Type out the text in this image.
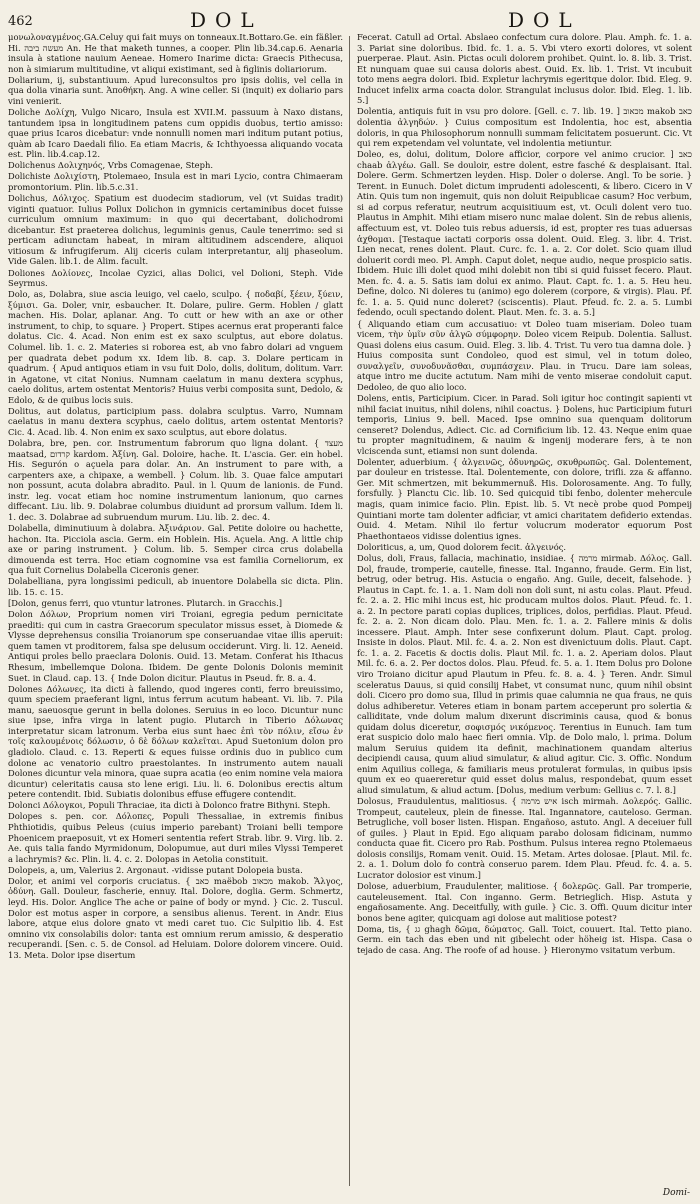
462	DOL	DOL

μονωλοναγμένος.GA.Celuy qui fait muys on tonneaux.It.Bottaro.Ge. ein fäßler. Hi. מעשה ביבה An. He that maketh tunnes, a cooper. Plin lib.34.cap.6. Aenaria insula à statione nauium Aeneae. Homero Inarime dicta: Graecis Pithecusa, non à simiarum multitudine, vt aliqui existimant, sed à figlinis doliariorum.

Doliarium, ij, substantiuum. Apud lureconsultos pro ipsis doliis, vel cella in qua dolia vinaria sunt. Ἀποθήκη. Ang. A wine celler. Si (inquit) ex doliario pars vini venierit.

Doliche Δολίχη, Vulgo Nicaro, Insula est XVII.M. passuum à Naxo distans, tantundem ipsa in longitudinem patens cum oppidis duobus, tertio amisso: quae prius Icaros dicebatur: vnde nonnulli nomen mari inditum putant potius, quàm ab Icaro Daedali filio. Ea etiam Macris, & Ichthyoessa aliquando vocata est. Plin. lib.4.cap.12.

Dolichenus Δολιχηνός, Vrbs Comagenae, Steph.

Dolichiste Δολιχίστη, Ptolemaeo, Insula est in mari Lycio, contra Chimaeram promontorium. Plin. lib.5.c.31.

Dolichus, Δόλιχος. Spatium est duodecim stadiorum, vel (vt Suidas tradit) viginti quatuor. Iulius Pollux Dolichon in gymnicis certaminibus docet fuisse curriculum omnium maximum: in quo qui decertabant, dolichodromi dicebantur. Est praeterea dolichus, leguminis genus, Caule tenerrimo: sed si perticam adiunctam habeat, in miram altitudinem adscendere, aliquoi vitiosum & infrugiferum. Alij ciceris culam interpretantur, alij phaseolum. Vide Galen. lib.1. de Alim. facult.

Doliones Δολίονες, Incolae Cyzici, alias Dolici, vel Dolioni, Steph. Vide Seyrmus.

Dolo, as, Dolabra, siue ascia leuigo, vel caelo, sculpo. { ποδαβί, ξέειν, ξύειν, ξύμισι. Ga. Doler, vnir, esbaucher. It. Dolare, pulire. Germ. Hoblen / glatt machen. His. Dolar, aplanar. Ang. To cutt or hew with an axe or other instrument, to chip, to square. } Propert. Stipes acernus erat properanti falce dolatus. Cic. 4. Acad. Non enim est ex saxo sculptus, aut ebore dolatus. Columel. lib. 1. c. 2. Materies si roborea est, ab vno fabro dolari ad vnguem per quadrata debet podum xx. Idem lib. 8. cap. 3. Dolare perticam in quadrum. { Apud antiquos etiam in vsu fuit Dolo, dolis, dolitum, dolitum. Varr. in Agatone, vt citat Nonius. Numnam caelatum in manu dextera scyphus, caelo dolitus, artem ostentat Mentoris? Huius verbi composita sunt, Dedolo, & Edolo, & de quibus locis suis.

Dolitus, aut dolatus, participium pass. dolabra sculptus. Varro, Numnam caelatus in manu dextera scyphus, caelo dolitus, artem ostentat Mentoris? Cic. 4. Acad. lib. 4. Non enim ex saxo sculptus, aut ebore dolatus.

Dolabra, bre, pen. cor. Instrumentum fabrorum quo ligna dolant. { מעצד maatsad, קרדום kardom. Ἀξίνη. Gal. Doloire, hache. It. L'ascia. Ger. ein hobel. His. Segurón o açuela para dolar. An. An instrument to pare with, a carpenters axe, a chipaxe, a wembell. } Colum. lib. 3. Quae falce amputari non possunt, acuta dolabra abradito. Paul. in l. Quum de lanionis. de Fund. instr. leg. vocat etiam hoc nomine instrumentum lanionum, quo carnes diffecant. Liu. lib. 9. Dolabrae columbus diuidunt ad prorsum vallum. Idem li. 1. dec. 3. Dolabrae ad subruendum murum. Liu. lib. 2. dec. 4.

Dolabella, diminutiuum à dolabra. Ἀξινάριον. Gal. Petite doloire ou hachette, hachon. Ita. Picciola ascia. Germ. ein Hoblein. His. Açuela. Ang. A little chip axe or paring instrument. } Colum. lib. 5. Semper circa crus dolabella dimouenda est terra. Hoc etiam cognomine vsa est familia Corneliorum, ex qua fuit Cornelius Dolabella Ciceronis gener.

Dolabelliana, pyra longissimi pediculi, ab inuentore Dolabella sic dicta. Plin. lib. 15. c. 15.

[Dolon, genus ferri, quo vtuntur latrones. Plutarch. in Gracchis.]

Dolon Δόλων, Proprium nomen viri Troiani, egregia pedum pernicitate praediti: qui cum in castra Graecorum speculator missus esset, à Diomede & Vlysse deprehensus consilia Troianorum spe conseruandae vitae illis aperuit: quem tamen vt proditorem, falsa spe delusum occiderunt. Virg. li. 12. Aeneid. Antiqui proles bello praeclara Dolonis. Ouid. 13. Metam. Conferat his Ithacus Rhesum, imbellemque Dolona. Ibidem. De gente Dolonis Dolonis meminit Suet. in Claud. cap. 13. { Inde Dolon dicitur. Plautus in Pseud. fr. 8. a. 4.

Dolones Δόλωνες, ita dicti à fallendo, quod ingeres conti, ferro breuissimo, quum speciem praeferant ligni, intus ferrum acutum habeant. Vi. lib. 7. Pila manu, saeuosque gerunt in bella dolones. Seruius in eo loco. Dicuntur nunc siue ipse, infra virga in latent pugio. Plutarch in Tiberio Δόλωνας interpretatur sicam latronum. Verba eius sunt haec ἐπὶ τὸν πόλιν, εἴσω ἐν τοῖς καλουμένοις δόλωσιν, ὁ δὲ δόλων καλεῖται. Apud Suetonium dolon pro gladiolo. Claud. c. 13. Reperti & eques fuisse ordinis duo in publico cum dolone ac venatorio cultro praestolantes. In instrumento autem nauali Dolones dicuntur vela minora, quae supra acatia (eo enim nomine vela maiora dicuntur) celeritatis causa sto lene erigi. Liu. li. 6. Dolonibus erectis altum petere contendit. Ibid. Subiatis dolonibus effuse effugere contendit.

Dolonci Δόλογκοι, Populi Thraciae, ita dicti à Dolonco fratre Bithyni. Steph.

Dolopes s. pen. cor. Δόλοπες, Populi Thessaliae, in extremis finibus Phthiotidis, quibus Peleus (cuius imperio parebant) Troiani belli tempore Phoenicem praeposuit, vt ex Homeri sententia refert Strab. libr. 9. Virg. lib. 2. Ae. quis talia fando Myrmidonum, Dolopumue, aut duri miles Vlyssi Temperet a lachrymis? &c. Plin. li. 4. c. 2. Dolopas in Aetolia constituit.

Dolopeis, a, um, Valerius 2. Argonaut. -vidisse putant Dolopeia busta.

Dolor, et animi vel corporis cruciatus. { כאב maëbob מכאוב makob. Ἄλγος, ὀδύνη. Gall. Douleur, fascherie, ennuy. Ital. Dolore, doglia. Germ. Schmertz, leyd. His. Dolor. Anglice The ache or paine of body or mynd. } Cic. 2. Tuscul. Dolor est motus asper in corpore, a sensibus alienus. Terent. in Andr. Eius labore, atque eius dolore gnato vt medi caret tuo. Cic Sulpitio lib. 4. Est omnino vix consolabilis dolor: tanta est omnium rerum amissio, & desperatio recuperandi. [Sen. c. 5. de Consol. ad Heluiam. Dolore dolorem vincere. Ouid. 13. Meta. Dolor ipse disertum

Fecerat. Catull ad Ortal. Abslaeo confectum cura dolore. Plau. Amph. fc. 1. a. 3. Pariat sine doloribus. Ibid. fc. 1. a. 5. Vbi vtero exorti dolores, vt solent puerperae. Plaut. Asin. Pictas oculi dolorem prohibet. Quint. lo. 8. lib. 3. Trist. Et nunquam quae sui causa doloris abest. Ouid. Ex. lib. 1. Trist. Vt incubuit toto mens aegra dolori. Ibid. Expletur lachrymis egeritque dolor. Ibid. Eleg. 9. Inducet infelix arma coacta dolor. Strangulat inclusus dolor. Ibid. Eleg. 1. lib. 5.]

Dolentia, antiquis fuit in vsu pro dolore. [Gell. c. 7. lib. 19. ] מכאוב makob כאב dolentia ἀλγηδών. } Cuius compositum est Indolentia, hoc est, absentia doloris, in qua Philosophorum nonnulli summam felicitatem posuerunt. Cic. Vt qui rem expetendam vel voluntate, vel indolentia metiuntur.

Doleo, es, dolui, dolitum, Dolore afficior, corpore vel animo crucior. ] כאב chaab ἀλγέω. Gall. Se douloir, estre dolent, estre fasché & desplaisant. Ital. Dolere. Germ. Schmertzen leyden. Hisp. Doler o dolerse. Angl. To be sorie. } Terent. in Eunuch. Dolet dictum imprudenti adolescenti, & libero. Cicero in V Atin. Quis tum non ingemuit, quis non doluit Reipublicae casum? Hoc verbum, si ad corpus referatur, neutrum acquisitiuum est, vt. Oculi dolent vero tuo. Plautus in Amphit. Mihi etiam misero nunc malae dolent. Sin de rebus alienis, affectuum est, vt. Doleo tuis rebus aduersis, id est, propter res tuas aduersas ἀχθομαι. [Testaque iactati corporis ossa dolent. Ouid. Eleg. 3. libr. 4. Trist. Lien necat, renes dolent. Plaut. Curc. fc. 1. a. 2. Cor dolet. Scio quam illud doluerit cordi meo. Pl. Amph. Caput dolet, neque audio, neque prospicio satis. Ibidem. Huic illi dolet quod mihi dolebit non tibi si quid fuisset fecero. Plaut. Men. fc. 4. a. 5. Satis iam dolui ex animo. Plaut. Capt. fc. 1. a. 5. Heu heu. Define, dolco. Ni doleres tu (animo) ego dolerem (corpore, & virgis). Plau. Pf. fc. 1. a. 5. Quid nunc doleret? (sciscentis). Plaut. Pfeud. fc. 2. a. 5. Lumbi fedendo, oculi spectando dolent. Plaut. Men. fc. 3. a. 5.]

{ Aliquando etiam cum accusatiuo: vt Doleo tuam miseriam. Doleo tuam vicem, τὴν ὑμῖν σῦν ἀλγῶ σύμφορην. Doleo vicem Reipub. Dolentia. Sallust. Quasi dolens eius casum. Ouid. Eleg. 3. lib. 4. Trist. Tu vero tua damna dole. } Huius composita sunt Condoleo, quod est simul, vel in totum doleo, συναλγεῖν, συνοδυνᾶσθαι, συμπάσχειν. Plau. in Trucu. Dare iam soleas, atque intro me ducite actutum. Nam mihi de vento miserae condoluit caput. Dedoleo, de quo alio loco.

Dolens, entis, Participium. Cicer. in Parad. Soli igitur hoc contingit sapienti vt nihil faciat inuitus, nihil dolens, nihil coactus. } Dolens, huc Participium futuri temporis, Linius 9. bell. Maced. Ipse omnino sua quenquam dolitorum censeret? Dolendus, Adiect. Cic. ad Cornificium lib. 12. 43. Neque enim quae tu propter magnitudinem, & nauim & ingenij moderare fers, à te non vlciscenda sunt, etiamsi non sunt dolenda.

Dolenter, aduerbium. { ἀλγεινῶς, ὀδυνηρῶς, σκυθρωπῶς. Gal. Dolentement, par douleur en tristesse. Ital. Dolentemente, con dolore, trifli. zza & affanno. Ger. Mit schmertzen, mit bekummernuß. His. Dolorosamente. Ang. To fully, forsfully. } Planctu Cic. lib. 10. Sed quicquid tibi fenbo, dolenter mehercule magis, quam inimice facio. Plin. Epist. lib. 5. Vt necè probe quod Pompeij Quintiani morte tam dolenter adficiar, vt amici charitatem defiderio extendas. Ouid. 4. Metam. Nihil ilo fertur volucrum moderator equorum Post Phaethontaeos vidisse dolentius ignes.

Doloriticus, a, um, Quod dolorem fecit. ἀλγεινός.

Dolus, doli, Fraus, fallacia, machinatio, insidiae. { מרמה mirmab. Δόλος. Gall. Dol, fraude, tromperie, cautelle, finesse. Ital. Inganno, fraude. Germ. Ein list, betrug, oder betrug. His. Astucia o engaño. Ang. Guile, deceit, falsehode. } Plautus in Capt. fc. 1. a. 1. Nam doli non doli sunt, ni astu colas. Plaut. Pfeud. fc. 2. a. 2. Hic mihi incus est, hic producam multos dolos. Plaut. Pfeud. fc. 1. a. 2. In pectore parati copias duplices, triplices, dolos, perfidias. Plaut. Pfeud. fc. 2. a. 2. Non dicam dolo. Plau. Men. fc. 1. a. 2. Fallere minis & dolis incessere. Plaut. Amph. Inter sese confixerunt dolum. Plaut. Capt. prolog. Insiste in dolos. Plaut. Mil. fc. 4. a. 2. Non est divenictuum dolis. Plaut. Capt. fc. 1. a. 2. Facetis & doctis dolis. Plaut Mil. fc. 1. a. 2. Aperiam dolos. Plaut Mil. fc. 6. a. 2. Per doctos dolos. Plau. Pfeud. fc. 5. a. 1. Item Dolus pro Dolone viro Troiano dicitur apud Plautum in Pfeu. fc. 8. a. 4. } Teren. Andr. Simul sceleratus Dauus, si quid consilij Habet, vt consumat nunc, quum nihil obsint doli. Cicero pro domo sua, Illud in primis quae calumnia ne qua fraus, ne quis dolus adhiberetur. Veteres etiam in bonam partem acceperunt pro solertia & calliditate, vnde dolum malum dixerunt discriminis causa, quod & bonus quidam dolus diceretur, σοφισμός νικόμενος. Terentius in Eunuch. Iam tum erat suspicio dolo malo haec fieri omnia. Vlp. de Dolo malo, l. prima. Dolum malum Seruius quidem ita definit, machinationem quandam alterius decipiendi causa, quum aliud simulatur, & aliud agitur. Cic. 3. Offic. Nondum enim Aquilius collega, & familiaris meus protulerat formulas, in quibus ipsis quum ex eo quaereretur quid esset dolus malus, respondebat, quum esset aliud simulatum, & aliud actum. [Dolus, medium verbum: Gellius c. 7. l. 8.]

Dolosus, Fraudulentus, malitiosus. { איש מרמה isch mirmah. Δολερός. Gallic. Trompeut, cauteleux, plein de finesse. Ital. Ingannatore, cauteloso. German. Betrugliche, voll boser listen. Hispan. Engañoso, astuto. Angl. A deceiuer full of guiles. } Plaut in Epid. Ego aliquam parabo dolosam fidicinam, nummo conducta quae fit. Cicero pro Rab. Posthum. Pulsus interea regno Ptolemaeus dolosis consilijs, Romam venit. Ouid. 15. Metam. Artes dolosae. [Plaut. Mil. fc. 2. a. 1. Dolum dolo fo contrà conseruo parem. Idem Plau. Pfeud. fc. 4. a. 5. Lucrator dolosior est vinum.]

Dolose, aduerbium, Fraudulenter, malitiose. { δολερῶς. Gall. Par tromperie, cauteleusement. Ital. Con inganno. Germ. Betrieglich. Hisp. Astuta y engañosamente. Ang. Deceitfully, with guile. } Cic. 3. Offi. Quum dicitur inter bonos bene agiter, quicquam agi dolose aut malitiose potest?

Doma, tis, { גג ghagh δῶμα, δώματος. Gall. Toict, couuert. Ital. Tetto piano. Germ. ein tach das eben und nit gibelecht oder höheig ist. Hispa. Casa o tejado de casa. Ang. The roofe of ad house. } Hieronymo vsitatum verbum.

Domi-
